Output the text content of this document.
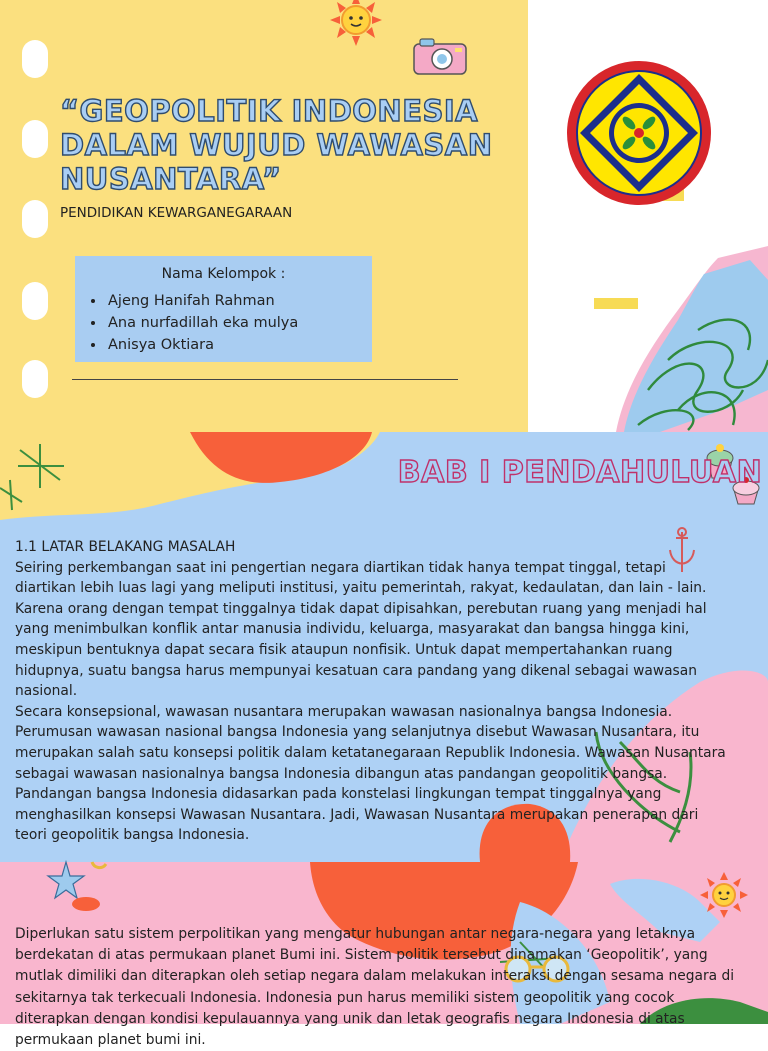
“GEOPOLITIK INDONESIA DALAM WUJUD WAWASAN NUSANTARA”
PENDIDIKAN KEWARGANEGARAAN
Nama Kelompok :
• Ajeng Hanifah Rahman
• Ana nurfadillah eka mulya
• Anisya Oktiara
BAB I PENDAHULUAN

1.1 LATAR BELAKANG MASALAH

Seiring perkembangan saat ini pengertian negara diartikan tidak hanya tempat tinggal, tetapi diartikan lebih luas lagi yang meliputi institusi, yaitu pemerintah, rakyat, kedaulatan, dan lain - lain. Karena orang dengan tempat tinggalnya tidak dapat dipisahkan, perebutan ruang yang menjadi hal yang menimbulkan konflik antar manusia individu, keluarga, masyarakat dan bangsa hingga kini, meskipun bentuknya dapat secara fisik ataupun nonfisik. Untuk dapat mempertahankan ruang hidupnya, suatu bangsa harus mempunyai kesatuan cara pandang yang dikenal sebagai wawasan nasional.

Secara konsepsional, wawasan nusantara merupakan wawasan nasionalnya bangsa Indonesia. Perumusan wawasan nasional bangsa Indonesia yang selanjutnya disebut Wawasan Nusantara, itu merupakan salah satu konsepsi politik dalam ketatanegaraan Republik Indonesia. Wawasan Nusantara sebagai wawasan nasionalnya bangsa Indonesia dibangun atas pandangan geopolitik bangsa. Pandangan bangsa Indonesia didasarkan pada konstelasi lingkungan tempat tinggalnya yang menghasilkan konsepsi Wawasan Nusantara. Jadi, Wawasan Nusantara merupakan penerapan dari teori geopolitik bangsa Indonesia.

Diperlukan satu sistem perpolitikan yang mengatur hubungan antar negara-negara yang letaknya berdekatan di atas permukaan planet Bumi ini. Sistem politik tersebut dinamakan ‘Geopolitik’, yang mutlak dimiliki dan diterapkan oleh setiap negara dalam melakukan interaksi dengan sesama negara di sekitarnya tak terkecuali Indonesia. Indonesia pun harus memiliki sistem geopolitik yang cocok diterapkan dengan kondisi kepulauannya yang unik dan letak geografis negara Indonesia di atas permukaan planet bumi ini.
